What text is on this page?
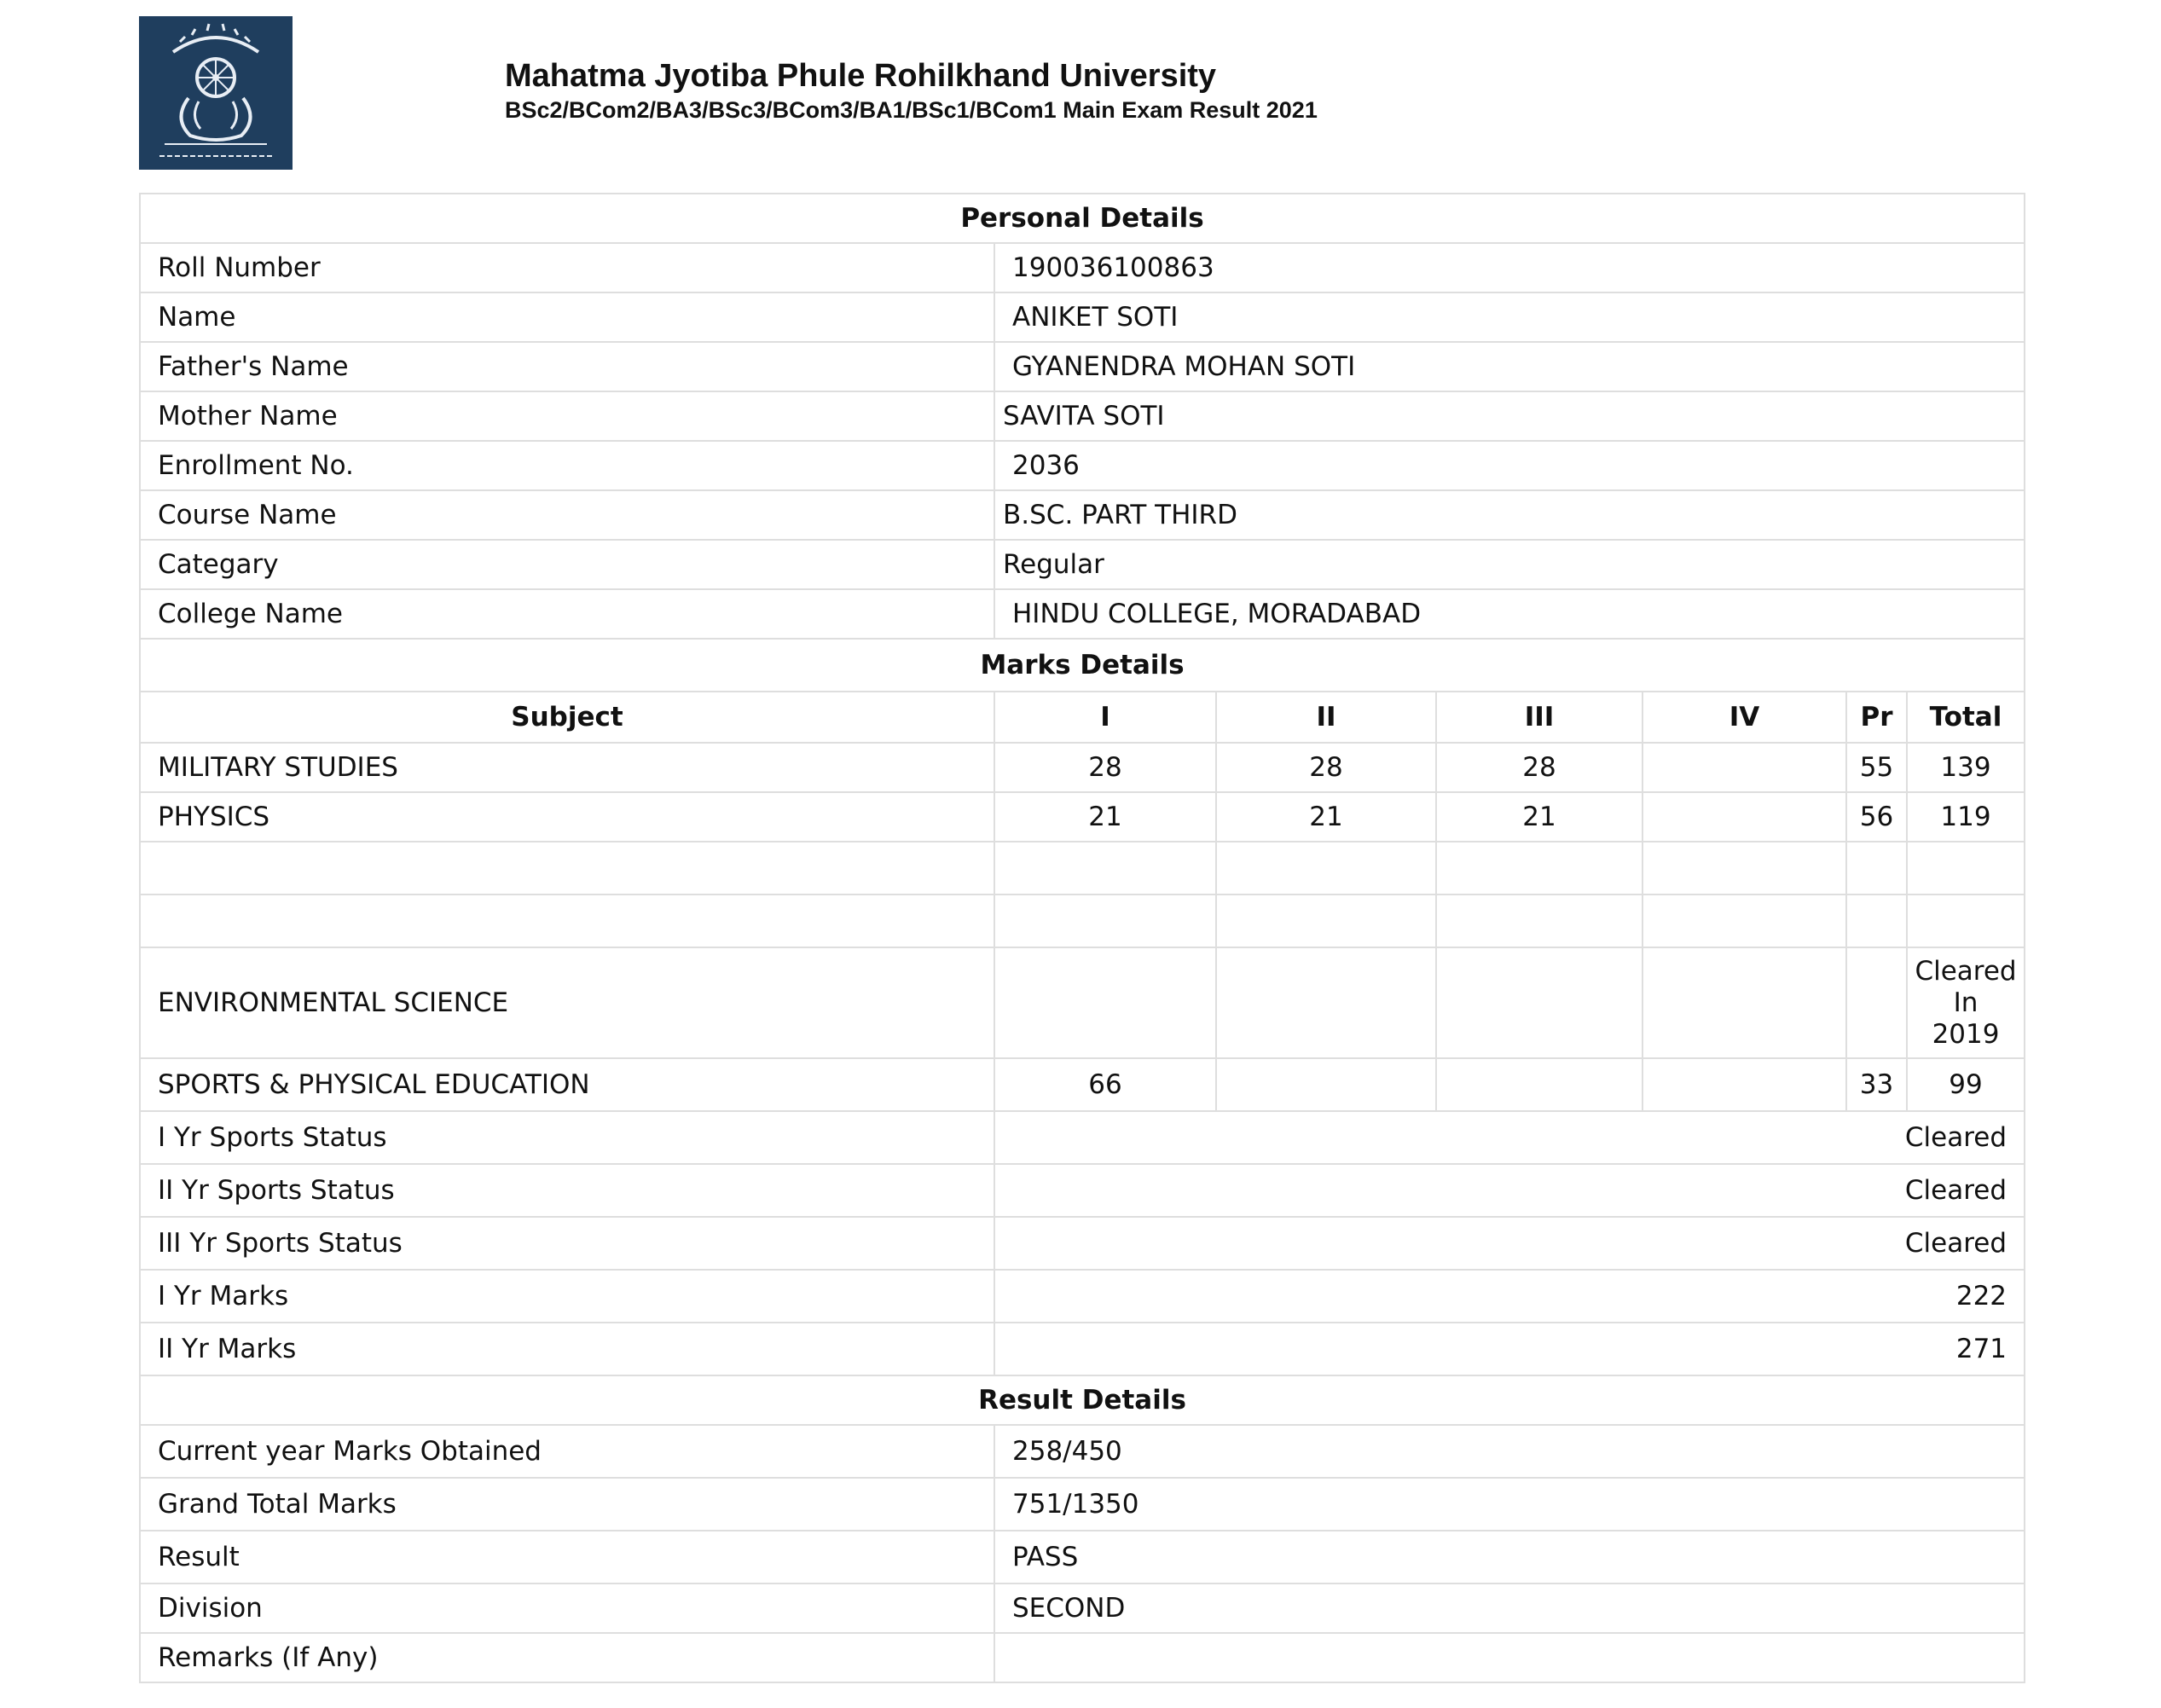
Mahatma Jyotiba Phule Rohilkhand University
BSc2/BCom2/BA3/BSc3/BCom3/BA1/BSc1/BCom1 Main Exam Result 2021
Personal Details						
Roll Number	190036100863					
Name	ANIKET SOTI					
Father's Name	GYANENDRA MOHAN SOTI					
Mother Name	SAVITA SOTI					
Enrollment No.	2036					
Course Name	B.SC. PART THIRD					
Categary	Regular					
College Name	HINDU COLLEGE, MORADABAD					
Marks Details						
Subject	I	II	III	IV	Pr	Total
MILITARY STUDIES	28	28	28		55	139
PHYSICS	21	21	21		56	119

ENVIRONMENTAL SCIENCE						Cleared
In
2019

SPORTS & PHYSICAL EDUCATION	66				33	99
I Yr Sports Status	Cleared					
II Yr Sports Status	Cleared					
III Yr Sports Status	Cleared					
I Yr Marks	222					
II Yr Marks	271					
Result Details						
Current year Marks Obtained	258/450					
Grand Total Marks	751/1350					
Result	PASS					
Division	SECOND					
Remarks (If Any)						
